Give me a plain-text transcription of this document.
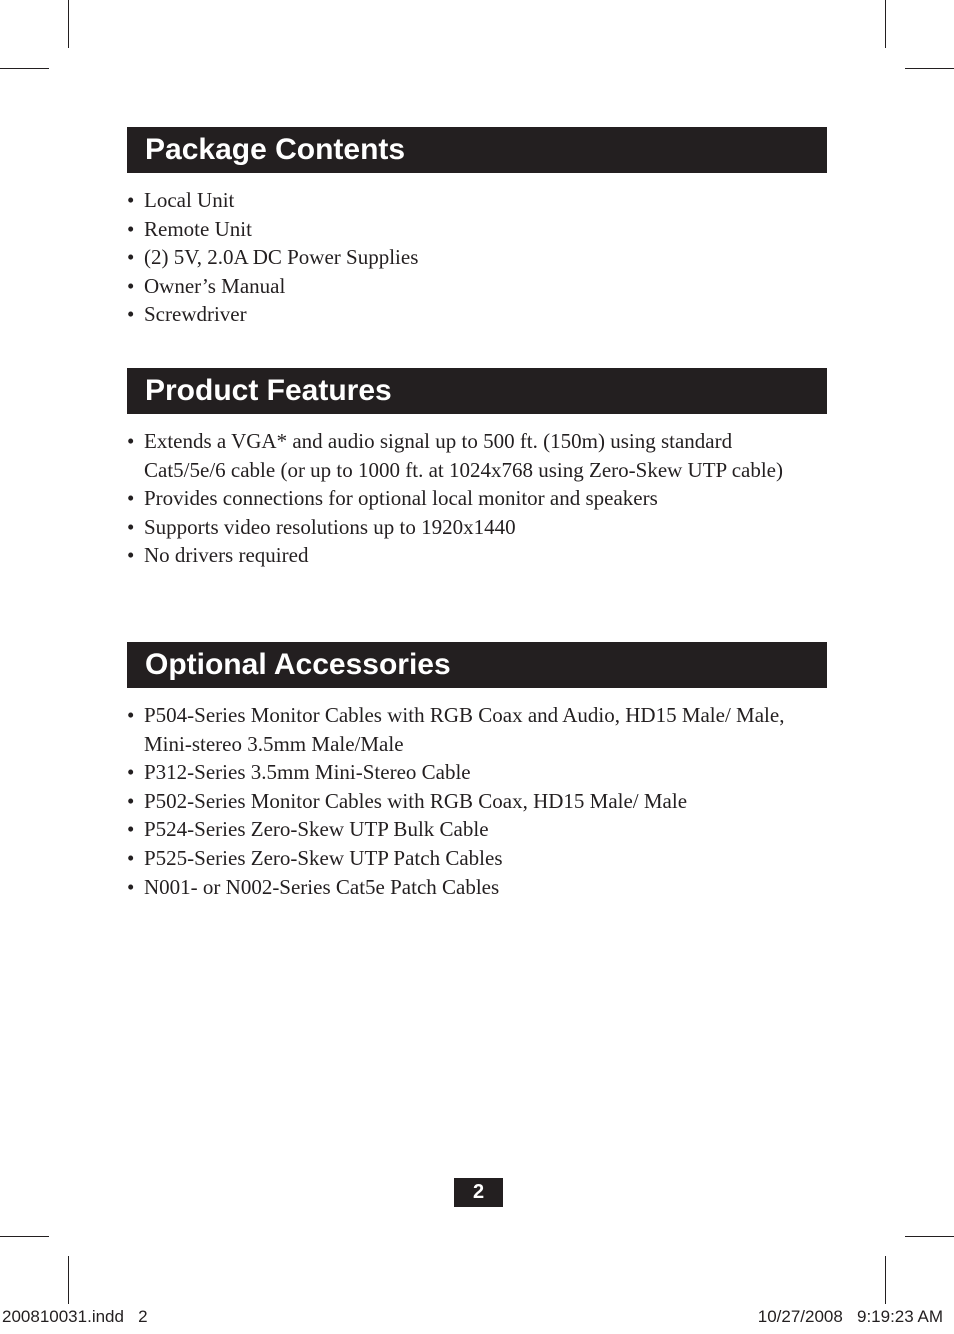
Package Contents
• Local Unit
• Remote Unit
• (2) 5V, 2.0A DC Power Supplies
• Owner’s Manual
• Screwdriver
Product Features
• Extends a VGA* and audio signal up to 500 ft. (150m) using standard Cat5/5e/6 cable (or up to 1000 ft. at 1024x768 using Zero-Skew UTP cable)
• Provides connections for optional local monitor and speakers
• Supports video resolutions up to 1920x1440
• No drivers required
Optional Accessories
• P504-Series Monitor Cables with RGB Coax and Audio, HD15 Male/ Male, Mini-stereo 3.5mm Male/Male
• P312-Series 3.5mm Mini-Stereo Cable
• P502-Series Monitor Cables with RGB Coax, HD15 Male/ Male
• P524-Series Zero-Skew UTP Bulk Cable
• P525-Series Zero-Skew UTP Patch Cables
• N001- or N002-Series Cat5e Patch Cables
2
200810031.indd   2	10/27/2008   9:19:23 AM
